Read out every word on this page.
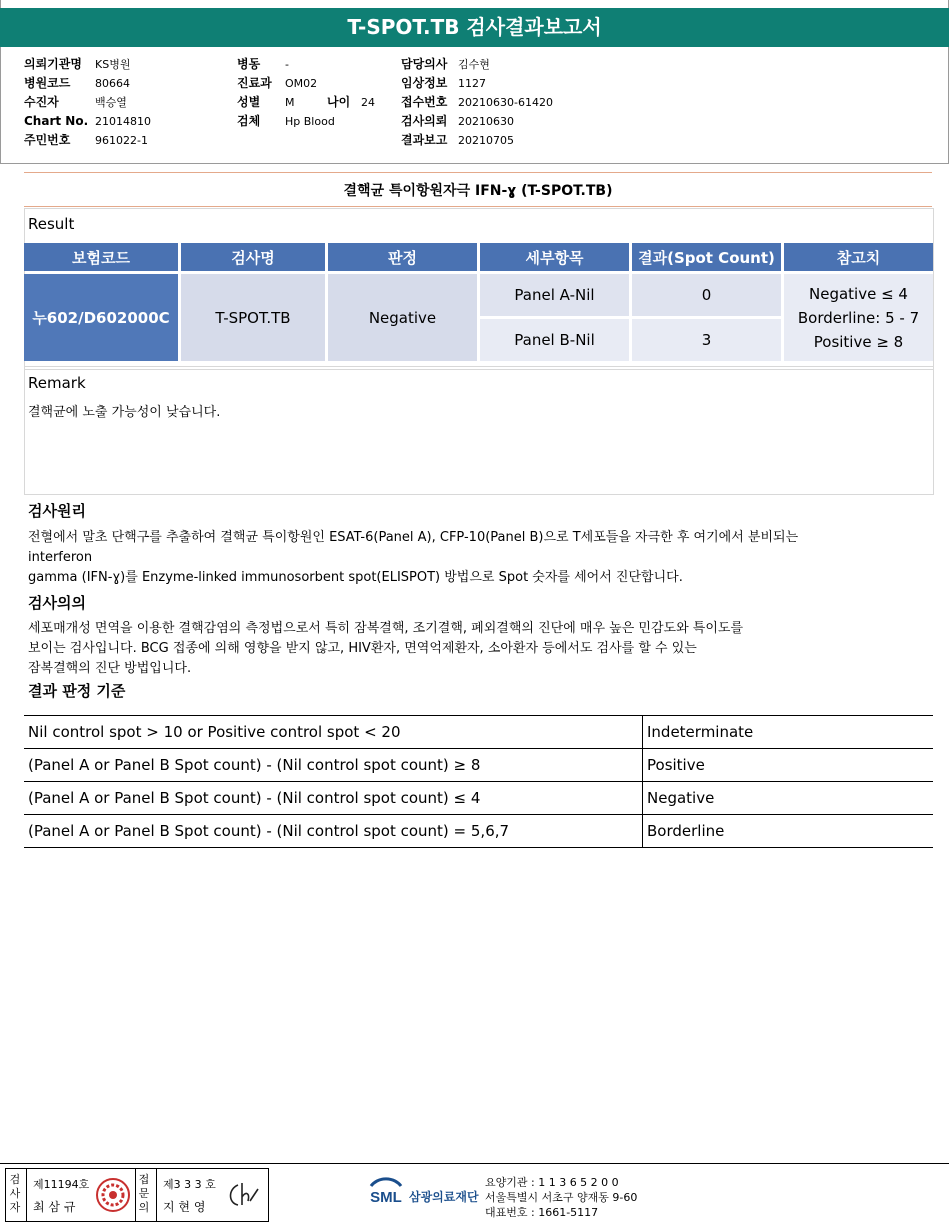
T-SPOT.TB 검사결과보고서
의뢰기관명 KS병원
병원코드 80664
수진자	백승열
Chart No. 21014810
주민번호 961022-1
병동 -
진료과 OM02
성별 M	나이 24
검체 Hp Blood
담당의사 김수현
임상정보 1127
접수번호 20210630-61420
검사의뢰 20210630
결과보고 20210705
결핵균 특이항원자극 IFN-ɣ (T-SPOT.TB)
Result
보험코드	검사명	판정	세부항목	결과(Spot Count)	참고치
누602/D602000C	T-SPOT.TB	Negative	Panel A-Nil	0	Negative ≤ 4
Borderline: 5 - 7
Positive ≥ 8

			Panel B-Nil	3	
Remark
결핵균에 노출 가능성이 낮습니다.
검사원리
전혈에서 말초 단핵구를 추출하여 결핵균 특이항원인 ESAT-6(Panel A), CFP-10(Panel B)으로 T세포들을 자극한 후 여기에서 분비되는
interferon
gamma (IFN-ɣ)를 Enzyme-linked immunosorbent spot(ELISPOT) 방법으로 Spot 숫자를 세어서 진단합니다.
검사의의
세포매개성 면역을 이용한 결핵감염의 측정법으로서 특히 잠복결핵, 조기결핵, 폐외결핵의 진단에 매우 높은 민감도와 특이도를
보이는 검사입니다. BCG 접종에 의해 영향을 받지 않고, HIV환자, 면역억제환자, 소아환자 등에서도 검사를 할 수 있는
잠복결핵의 진단 방법입니다.
결과 판정 기준
Nil control spot > 10 or Positive control spot < 20	Indeterminate
(Panel A or Panel B Spot count) - (Nil control spot count) ≥ 8	Positive
(Panel A or Panel B Spot count) - (Nil control spot count) ≤ 4	Negative
(Panel A or Panel B Spot count) - (Nil control spot count) = 5,6,7	Borderline
검사자
제11194호
최 삼 규
접문의
제3 3 3 호
지 현 영
SML 삼광의료재단
요양기관 : 1 1 3 6 5 2 0 0
서울특별시 서초구 양재동 9-60
대표번호 : 1661-5117
